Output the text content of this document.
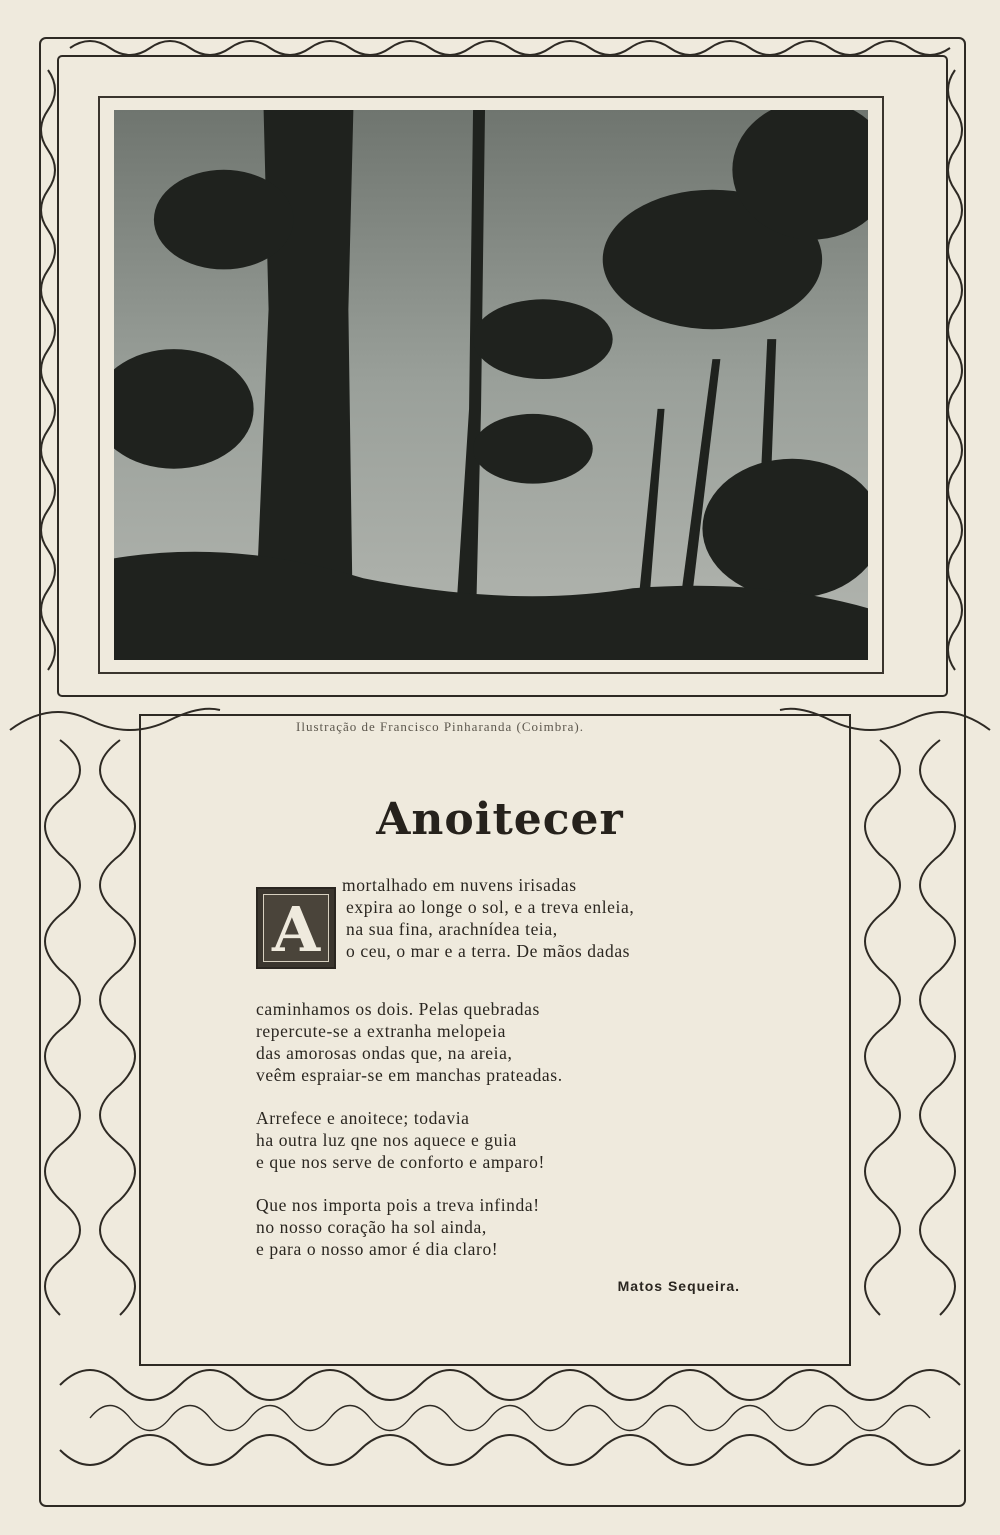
Ilustração de Francisco Pinharanda (Coimbra).
Anoitecer
A
mortalhado em nuvens irisadas
expira ao longe o sol, e a treva enleia,
na sua fina, arachnídea teia,
o ceu, o mar e a terra. De mãos dadas
caminhamos os dois. Pelas quebradas
repercute-se a extranha melopeia
das amorosas ondas que, na areia,
veêm espraiar-se em manchas prateadas.
Arrefece e anoitece; todavia
ha outra luz qne nos aquece e guia
e que nos serve de conforto e amparo!
Que nos importa pois a treva infinda!
no nosso coração ha sol ainda,
e para o nosso amor é dia claro!
Matos Sequeira.
